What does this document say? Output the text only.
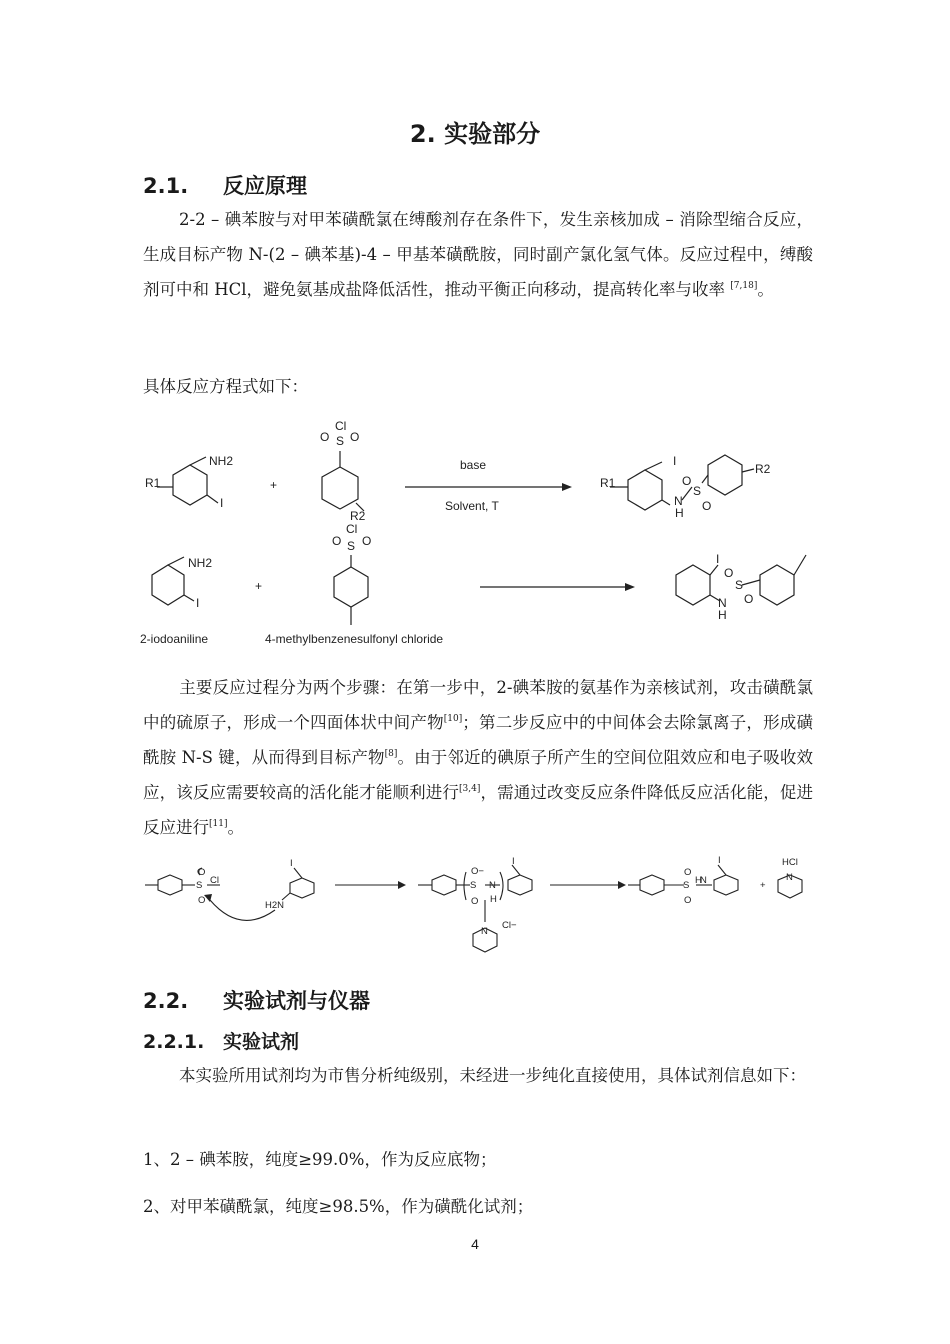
2. 实验部分
2.1. 反应原理
2-2 – 碘苯胺与对甲苯磺酰氯在缚酸剂存在条件下，发生亲核加成 – 消除型缩合反应，生成目标产物 N-(2 – 碘苯基)-4 – 甲基苯磺酰胺，同时副产氯化氢气体。反应过程中，缚酸剂可中和 HCl，避免氨基成盐降低活性，推动平衡正向移动，提高转化率与收率 [7,18]。
具体反应方程式如下：
R1
NH2
I
+
Cl
S
O O
R2
base
Solvent, T
R1
I
N
H
S
O
O
R2
NH2
I
2-iodoaniline
+
Cl
S
O O
4-methylbenzenesulfonyl chloride
I
N
H
S
O
O
主要反应过程分为两个步骤：在第一步中，2-碘苯胺的氨基作为亲核试剂，攻击磺酰氯中的硫原子，形成一个四面体状中间产物[10]；第二步反应中的中间体会去除氯离子，形成磺酰胺 N-S 键，从而得到目标产物[8]。由于邻近的碘原子所产生的空间位阻效应和电子吸收效应，该反应需要较高的活化能才能顺利进行[3,4]，需通过改变反应条件降低反应活化能，促进反应进行[11]。
S
O
O
Cl
I
H2N
S
O−
O
N
H
I
Cl−
N
S
O
O
N
H
I
+
HCl
N
2.2. 实验试剂与仪器
2.2.1. 实验试剂
本实验所用试剂均为市售分析纯级别，未经进一步纯化直接使用，具体试剂信息如下：
1、2 – 碘苯胺，纯度≥99.0%，作为反应底物；
2、对甲苯磺酰氯，纯度≥98.5%，作为磺酰化试剂；
4
